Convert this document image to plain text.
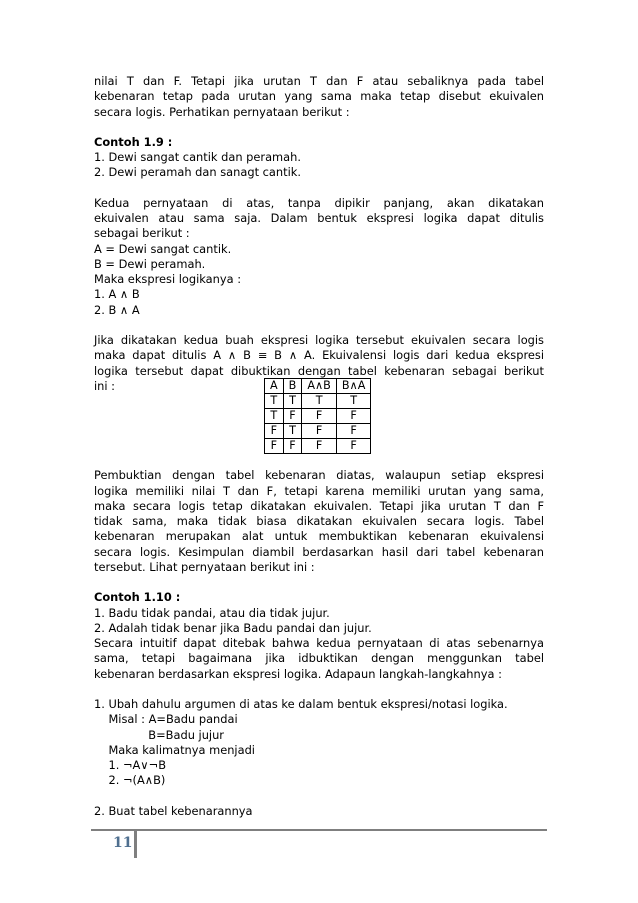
nilai T dan F. Tetapi jika urutan T dan F atau sebaliknya pada tabel
kebenaran tetap pada urutan yang sama maka tetap disebut ekuivalen
secara logis. Perhatikan pernyataan berikut :
Contoh 1.9 :
1. Dewi sangat cantik dan peramah.
2. Dewi peramah dan sanagt cantik.
Kedua pernyataan di atas, tanpa dipikir panjang, akan dikatakan
ekuivalen atau sama saja. Dalam bentuk ekspresi logika dapat ditulis
sebagai berikut :
A = Dewi sangat cantik.
B = Dewi peramah.
Maka ekspresi logikanya :
1. A ∧ B
2. B ∧ A
Jika dikatakan kedua buah ekspresi logika tersebut ekuivalen secara logis
maka dapat ditulis A ∧ B ≡ B ∧ A. Ekuivalensi logis dari kedua ekspresi
logika tersebut dapat dibuktikan dengan tabel kebenaran sebagai berikut
ini :	A	B	A∧B	B∧A
T	T	T	T
T	F	F	F
F	T	F	F
F	F	F	F
Pembuktian dengan tabel kebenaran diatas, walaupun setiap ekspresi
logika memiliki nilai T dan F, tetapi karena memiliki urutan yang sama,
maka secara logis tetap dikatakan ekuivalen. Tetapi jika urutan T dan F
tidak sama, maka tidak biasa dikatakan ekuivalen secara logis. Tabel
kebenaran merupakan alat untuk membuktikan kebenaran ekuivalensi
secara logis. Kesimpulan diambil berdasarkan hasil dari tabel kebenaran
tersebut. Lihat pernyataan berikut ini :
Contoh 1.10 :
1. Badu tidak pandai, atau dia tidak jujur.
2. Adalah tidak benar jika Badu pandai dan jujur.
Secara intuitif dapat ditebak bahwa kedua pernyataan di atas sebenarnya
sama, tetapi bagaimana jika idbuktikan dengan menggunkan tabel
kebenaran berdasarkan ekspresi logika. Adapaun langkah-langkahnya :
1. Ubah dahulu argumen di atas ke dalam bentuk ekspresi/notasi logika.
Misal : A=Badu pandai
B=Badu jujur
Maka kalimatnya menjadi
1. ¬A∨¬B
2. ¬(A∧B)
2. Buat tabel kebenarannya
11
